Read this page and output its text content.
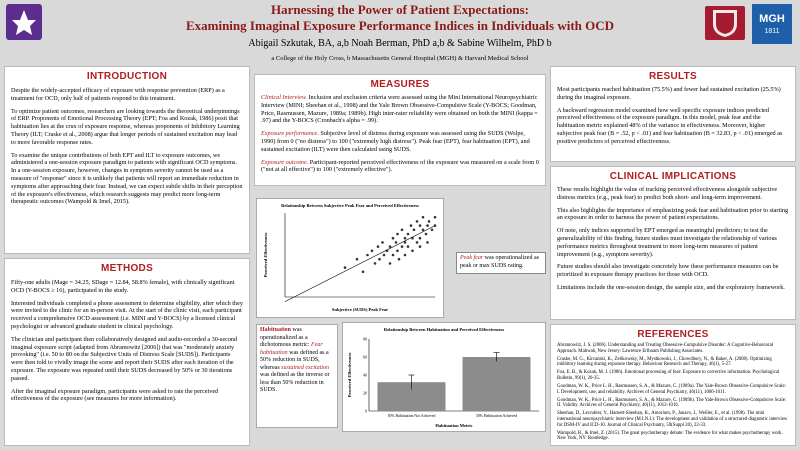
Harnessing the Power of Patient Expectations:
Examining Imaginal Exposure Performance Indices in Individuals with OCD
Abigail Szkutak, BA, a,b Noah Berman, PhD a,b & Sabine Wilhelm, PhD b
a College of the Holy Cross, b Massachusetts General Hospital (MGH) & Harvard Medical School
MGH
1811
INTRODUCTION

Despite the widely-accepted efficacy of exposure with response prevention (ERP) as a treatment for OCD, only half of patients respond to this treatment.

To optimize patient outcomes, researchers are looking towards the theoretical underpinnings of ERP. Proponents of Emotional Processing Theory (EPT; Foa and Kozak, 1986) posit that habituation lies at the crux of exposure response, whereas proponents of Inhibitory Learning Theory (ILT; Craske et al., 2008) argue that longer periods of sustained excitation may lead to more favorable response rates.

To examine the unique contributions of both EPT and ILT to exposure outcomes, we administered a one-session exposure paradigm to patients with significant OCD symptoms. In a one-session exposure, however, changes in symptom severity cannot be used as a measure of "response" since it is unlikely that patients will report an immediate reduction in symptoms after approaching their fear. Instead, we can expect subtle shifts in their perception of the exposure's effectiveness, which research suggests may predict more long-term therapeutic outcomes (Wampold & Imel, 2015).

METHODS

Fifty-one adults (Mage = 34.25, SDage = 12.84, 58.8% female), with clinically significant OCD (Y-BOCS ≥ 16), participated in the study.

Interested individuals completed a phone assessment to determine eligibility, after which they were invited to the clinic for an in-person visit. At the start of the clinic visit, each participant received a comprehensive OCD assessment (i.e. MINI and Y-BOCS) by a licensed clinical psychologist or advanced graduate student in clinical psychology.

The clinician and participant then collaboratively designed and audio-recorded a 30-second imaginal exposure script (adapted from Abramowitz [2006]) that was "moderately anxiety provoking" (i.e. 50 to 80 on the Subjective Units of Distress Scale [SUDS]). Participants were then told to vividly image the scene and report their SUDS after each iteration of the exposure. The exposure was repeated until their SUDS decreased by 50% or 30 iterations passed.

After the imaginal exposure paradigm, participants were asked to rate the perceived effectiveness of the exposure (see measures for more information).

MEASURES

Clinical Interview. Inclusion and exclusion criteria were assessed using the Mini International Neuropsychiatric Interview (MINI; Sheehan et al., 1998) and the Yale Brown Obsessive-Compulsive Scale (Y-BOCS; Goodman, Price, Rasmussen, Mazure, 1989a; 1989b). High inter-rater reliability were obtained on both the MINI (kappa = .97) and the Y-BOCS (Cronbach's alpha = .99).

Exposure performance. Subjective level of distress during exposure was assessed using the SUDS (Wolpe, 1990) from 0 ("no distress") to 100 ("extremely high distress"). Peak fear (EPT), fear habituation (EPT), and sustained excitation (ILT) were then calculated using SUDS.

Exposure outcome. Participant-reported perceived effectiveness of the exposure was measured on a scale from 0 ("not at all effective") to 100 ("extremely effective").

Relationship Between Subjective Peak Fear and Perceived Effectiveness
Subjective (SUDS) Peak Fear
Perceived Effectiveness	Peak fear was operationalized as peak or max SUDS rating.
Habituation was operationalized as a dichotomous metric: Fear habituation was defined as a 50% reduction in SUDS, whereas sustained excitation was defined as the inverse or less than 50% reduction in SUDS.
Relationship Between Habituation and Perceived Effectiveness
0
20
40
60
80
Perceived Effectiveness
Habituation Metric
50% Habituation Not Achieved	50% Habituation Achieved
RESULTS

Most participants reached habituation (75.5%) and fewer had sustained excitation (25.5%) during the imaginal exposure.

A backward regression model examined how well specific exposure indices predicted perceived effectiveness of the exposure paradigm. In this model, peak fear and the habituation metric explained 48% of the variance in effectiveness. Moreover, higher subjective peak fear (B = .52, p < .01) and fear habituation (B = 32.83, p < .01) emerged as positive predictors of perceived effectiveness.

CLINICAL IMPLICATIONS

These results highlight the value of tracking perceived effectiveness alongside subjective distress metrics (e.g., peak fear) to predict both short- and long-term improvement.

This also highlights the importance of emphasizing peak fear and habituation prior to starting an exposure in order to harness the power of patient expectations.

Of note, only indices supported by EPT emerged as meaningful predictors; to test the generalizability of this finding, future studies must investigate the relationship of various performance metrics throughout treatment to more long-term measures of patient improvement (e.g., symptom severity).

Future studies should also investigate concretely how these performance measures can be prioritized in exposure therapy practices for those with OCD.

Limitations include the one-session design, the sample size, and the exploratory framework.

REFERENCES
Abramowitz, J. S. (2006). Understanding and Treating Obsessive-Compulsive Disorder: A Cognitive-Behavioral Approach. Mahwah, New Jersey: Lawrence Erlbaum Publishing Associates.
Craske, M. G., Kircanski, K., Zelikowsky, M., Mystkowski, J., Chowdhury, N., & Baker, A. (2008). Optimizing inhibitory learning during exposure therapy. Behaviour Research and Therapy, 46(1), 5-27.
Foa, E. B., & Kozak, M. J. (1986). Emotional processing of fear: Exposure to corrective information. Psychological Bulletin, 99(1), 20-35.
Goodman, W. K., Price L. H., Rasmussen, S. A., & Mazure, C. (1989a). The Yale-Brown Obsessive-Compulsive Scale: I. Development, use, and reliability. Archives of General Psychiatry, 46(11), 1006-1011.
Goodman, W. K., Price L. H., Rasmussen, S. A., & Mazure, C. (1989b). The Yale-Brown Obsessive-Compulsive Scale: II. Validity. Archives of General Psychiatry, 46(11), 1012-1016.
Sheehan, D., Lecrubier, Y., Harnett-Sheehan, K., Amorium, P., Janavs, J., Weiller, E., et al. (1998). The mini international neuropsychiatric interview (M.I.N.I.): The development and validation of a structured diagnostic interview for DSM-IV and ICD-10. Journal of Clinical Psychiatry, 59(Suppl 20), 22-33.
Wampold, B., & Imel, Z. (2015). The great psychotherapy debate: The evidence for what makes psychotherapy work. New York, NY: Routledge.
